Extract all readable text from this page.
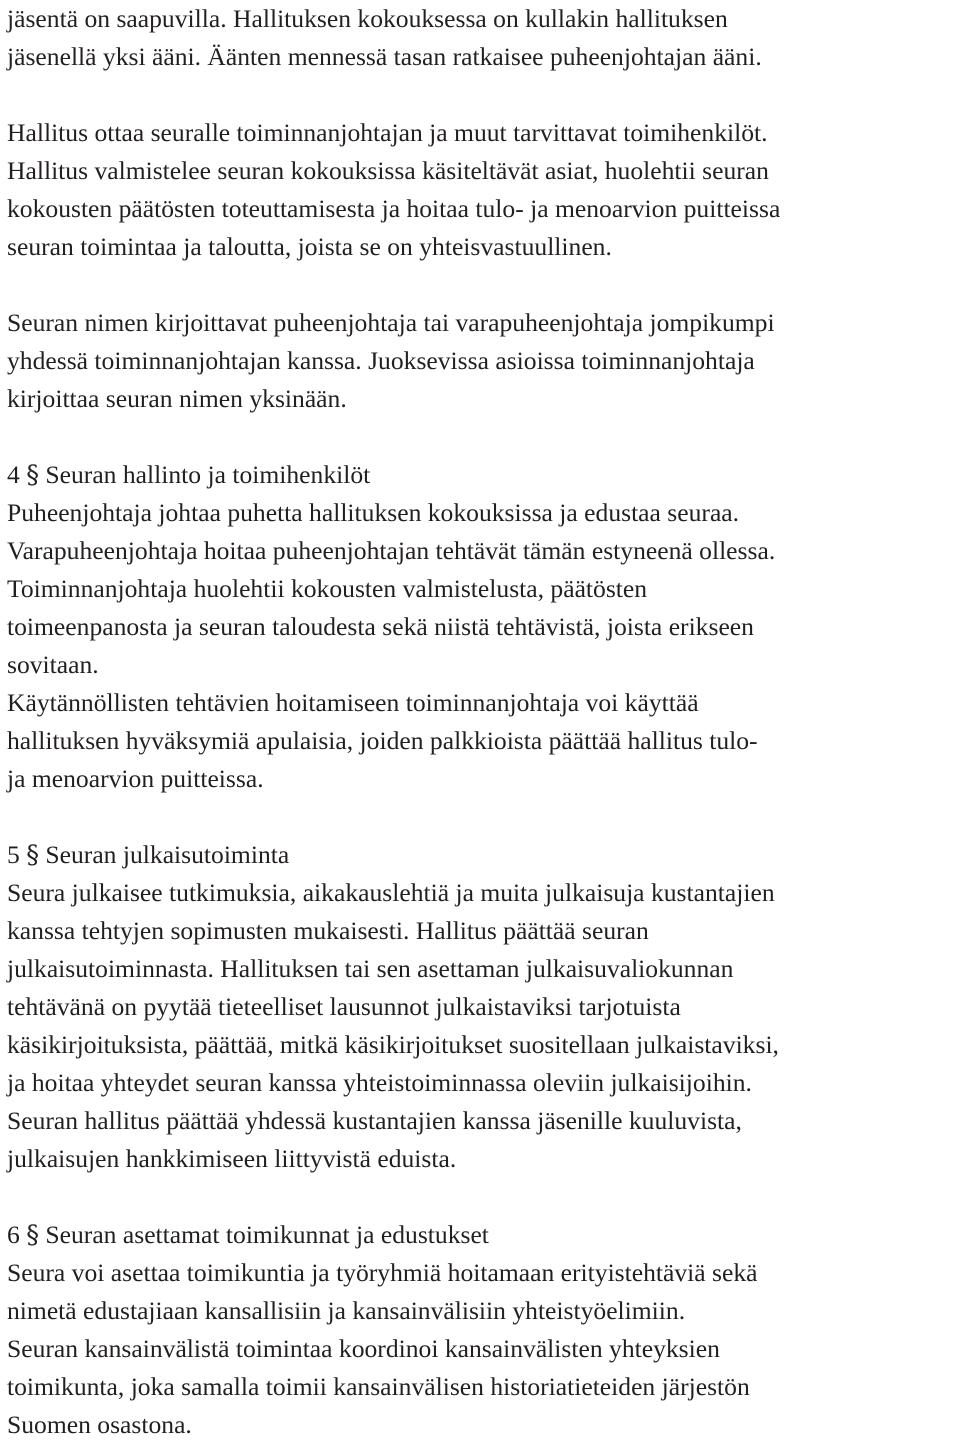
jäsentä on saapuvilla. Hallituksen kokouksessa on kullakin hallituksen
jäsenellä yksi ääni. Äänten mennessä tasan ratkaisee puheenjohtajan ääni.
Hallitus ottaa seuralle toiminnanjohtajan ja muut tarvittavat toimihenkilöt.
Hallitus valmistelee seuran kokouksissa käsiteltävät asiat, huolehtii seuran
kokousten päätösten toteuttamisesta ja hoitaa tulo- ja menoarvion puitteissa
seuran toimintaa ja taloutta, joista se on yhteisvastuullinen.
Seuran nimen kirjoittavat puheenjohtaja tai varapuheenjohtaja jompikumpi
yhdessä toiminnanjohtajan kanssa. Juoksevissa asioissa toiminnanjohtaja
kirjoittaa seuran nimen yksinään.
4 § Seuran hallinto ja toimihenkilöt
Puheenjohtaja johtaa puhetta hallituksen kokouksissa ja edustaa seuraa.
Varapuheenjohtaja hoitaa puheenjohtajan tehtävät tämän estyneenä ollessa.
Toiminnanjohtaja huolehtii kokousten valmistelusta, päätösten
toimeenpanosta ja seuran taloudesta sekä niistä tehtävistä, joista erikseen
sovitaan.
Käytännöllisten tehtävien hoitamiseen toiminnanjohtaja voi käyttää
hallituksen hyväksymiä apulaisia, joiden palkkioista päättää hallitus tulo-
ja menoarvion puitteissa.
5 § Seuran julkaisutoiminta
Seura julkaisee tutkimuksia, aikakauslehtiä ja muita julkaisuja kustantajien
kanssa tehtyjen sopimusten mukaisesti. Hallitus päättää seuran
julkaisutoiminnasta. Hallituksen tai sen asettaman julkaisuvaliokunnan
tehtävänä on pyytää tieteelliset lausunnot julkaistaviksi tarjotuista
käsikirjoituksista, päättää, mitkä käsikirjoitukset suositellaan julkaistaviksi,
ja hoitaa yhteydet seuran kanssa yhteistoiminnassa oleviin julkaisijoihin.
Seuran hallitus päättää yhdessä kustantajien kanssa jäsenille kuuluvista,
julkaisujen hankkimiseen liittyvistä eduista.
6 § Seuran asettamat toimikunnat ja edustukset
Seura voi asettaa toimikuntia ja työryhmiä hoitamaan erityistehtäviä sekä
nimetä edustajiaan kansallisiin ja kansainvälisiin yhteistyöelimiin.
Seuran kansainvälistä toimintaa koordinoi kansainvälisten yhteyksien
toimikunta, joka samalla toimii kansainvälisen historiatieteiden järjestön
Suomen osastona.
